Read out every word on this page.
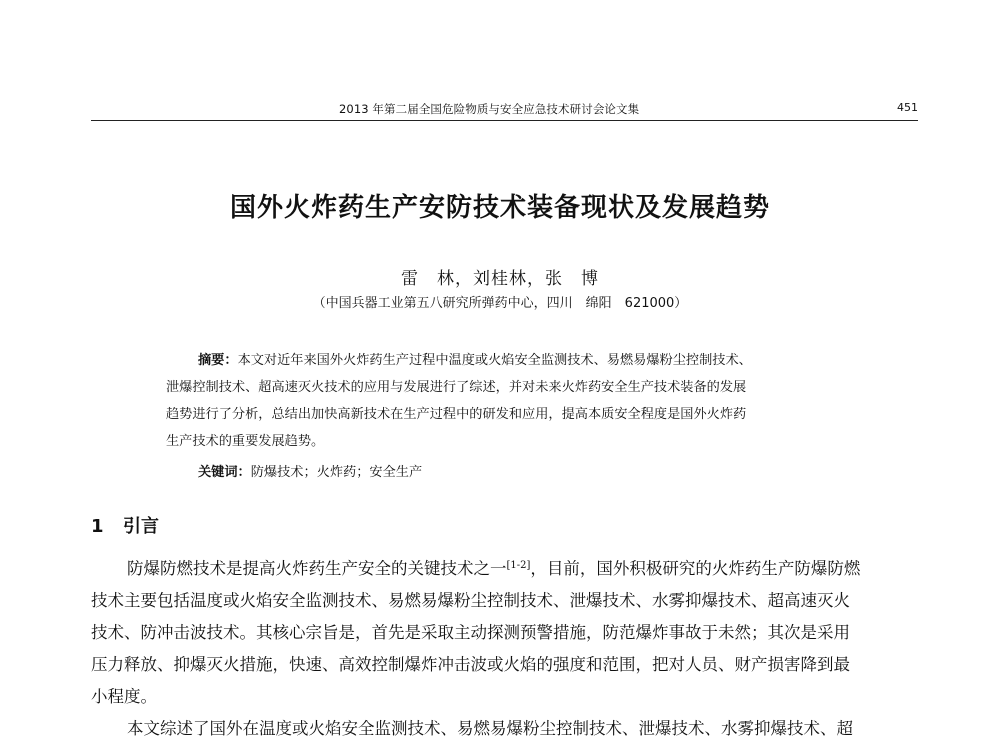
2013 年第二届全国危险物质与安全应急技术研讨会论文集	451
国外火炸药生产安防技术装备现状及发展趋势
雷　林，刘桂林，张　博
（中国兵器工业第五八研究所弹药中心，四川　绵阳　621000）
摘要：本文对近年来国外火炸药生产过程中温度或火焰安全监测技术、易燃易爆粉尘控制技术、
泄爆控制技术、超高速灭火技术的应用与发展进行了综述，并对未来火炸药安全生产技术装备的发展
趋势进行了分析，总结出加快高新技术在生产过程中的研发和应用，提高本质安全程度是国外火炸药
生产技术的重要发展趋势。
关键词：防爆技术；火炸药；安全生产
1 引言
防爆防燃技术是提高火炸药生产安全的关键技术之一[1-2]，目前，国外积极研究的火炸药生产防爆防燃
技术主要包括温度或火焰安全监测技术、易燃易爆粉尘控制技术、泄爆技术、水雾抑爆技术、超高速灭火
技术、防冲击波技术。其核心宗旨是，首先是采取主动探测预警措施，防范爆炸事故于未然；其次是采用
压力释放、抑爆灭火措施，快速、高效控制爆炸冲击波或火焰的强度和范围，把对人员、财产损害降到最
小程度。
本文综述了国外在温度或火焰安全监测技术、易燃易爆粉尘控制技术、泄爆技术、水雾抑爆技术、超
